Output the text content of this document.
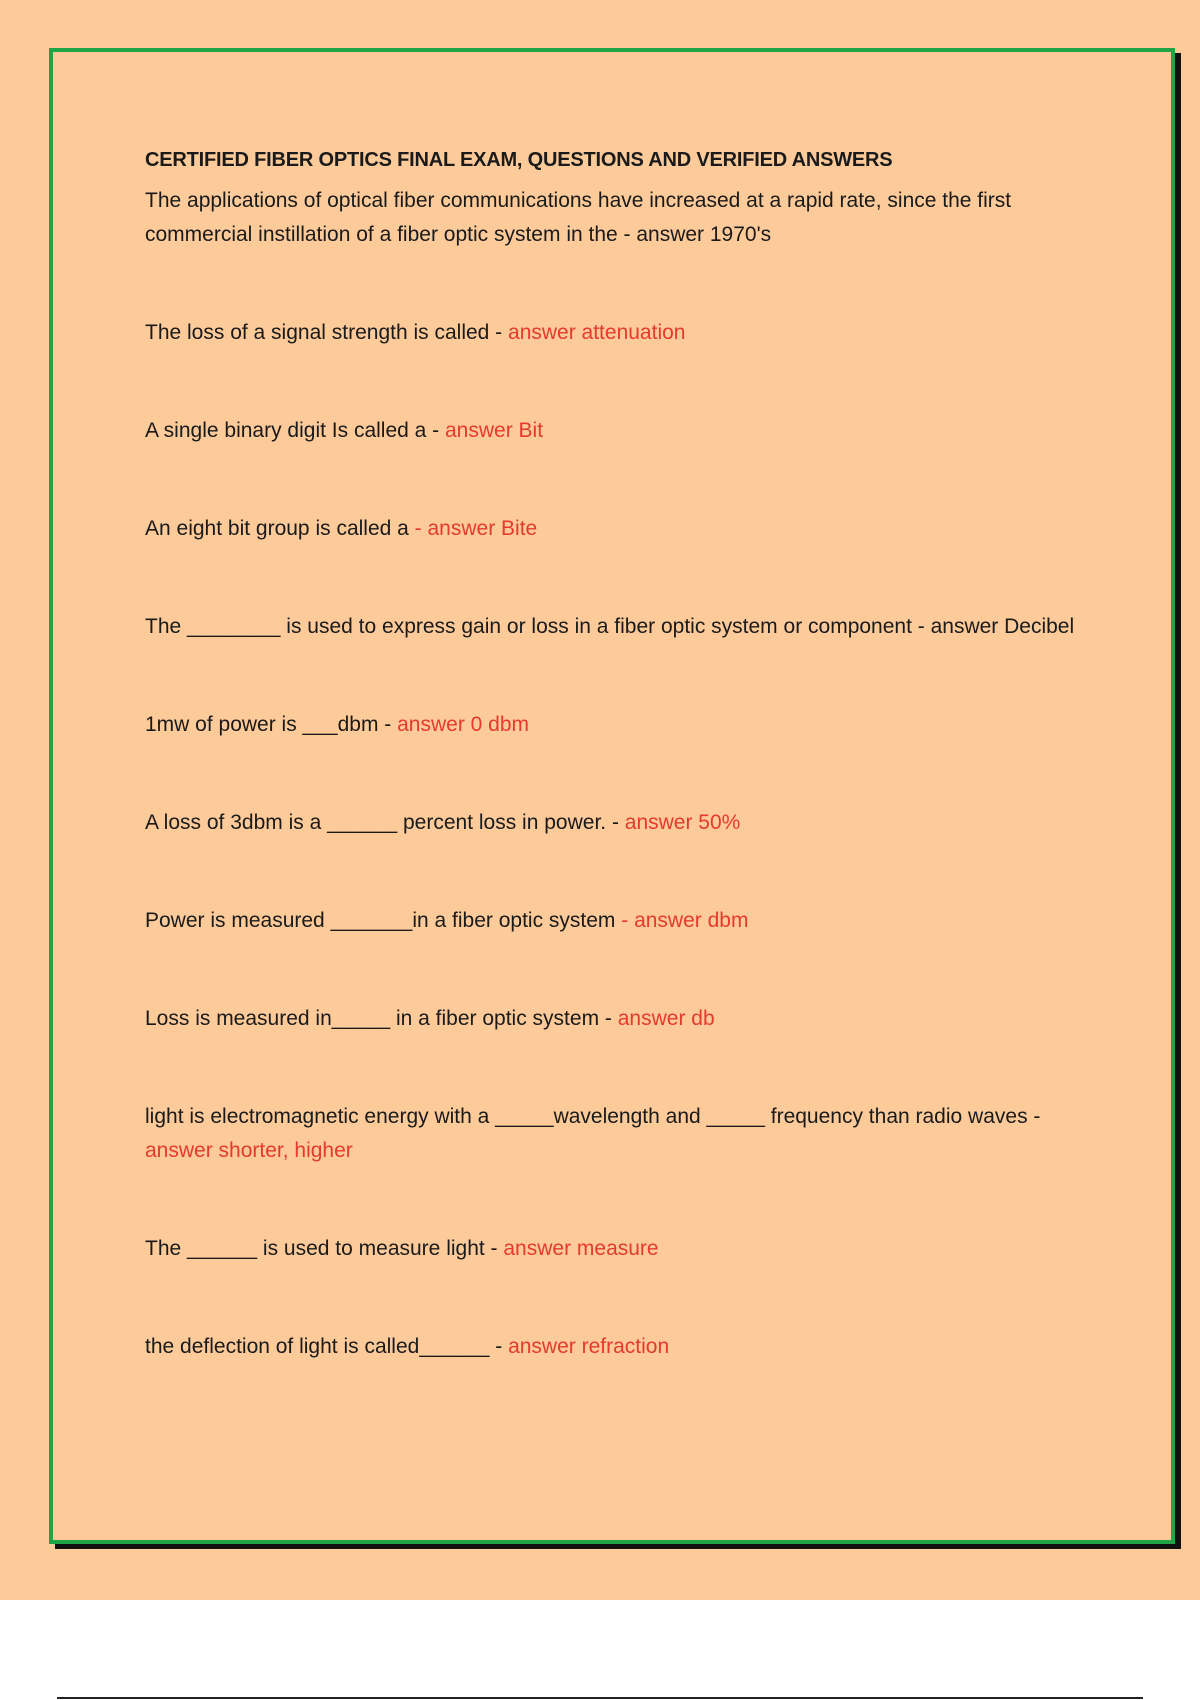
CERTIFIED FIBER OPTICS FINAL EXAM, QUESTIONS AND VERIFIED ANSWERS

The applications of optical fiber communications have increased at a rapid rate, since the first commercial instillation of a fiber optic system in the - answer 1970's

The loss of a signal strength is called - answer attenuation

A single binary digit Is called a - answer Bit

An eight bit group is called a - answer Bite

The ________ is used to express gain or loss in a fiber optic system or component - answer Decibel

1mw of power is ___dbm - answer 0 dbm

A loss of 3dbm is a ______ percent loss in power. - answer 50%

Power is measured _______in a fiber optic system - answer dbm

Loss is measured in_____ in a fiber optic system - answer db

light is electromagnetic energy with a _____wavelength and _____ frequency than radio waves - answer shorter, higher

The ______ is used to measure light - answer measure

the deflection of light is called______ - answer refraction
